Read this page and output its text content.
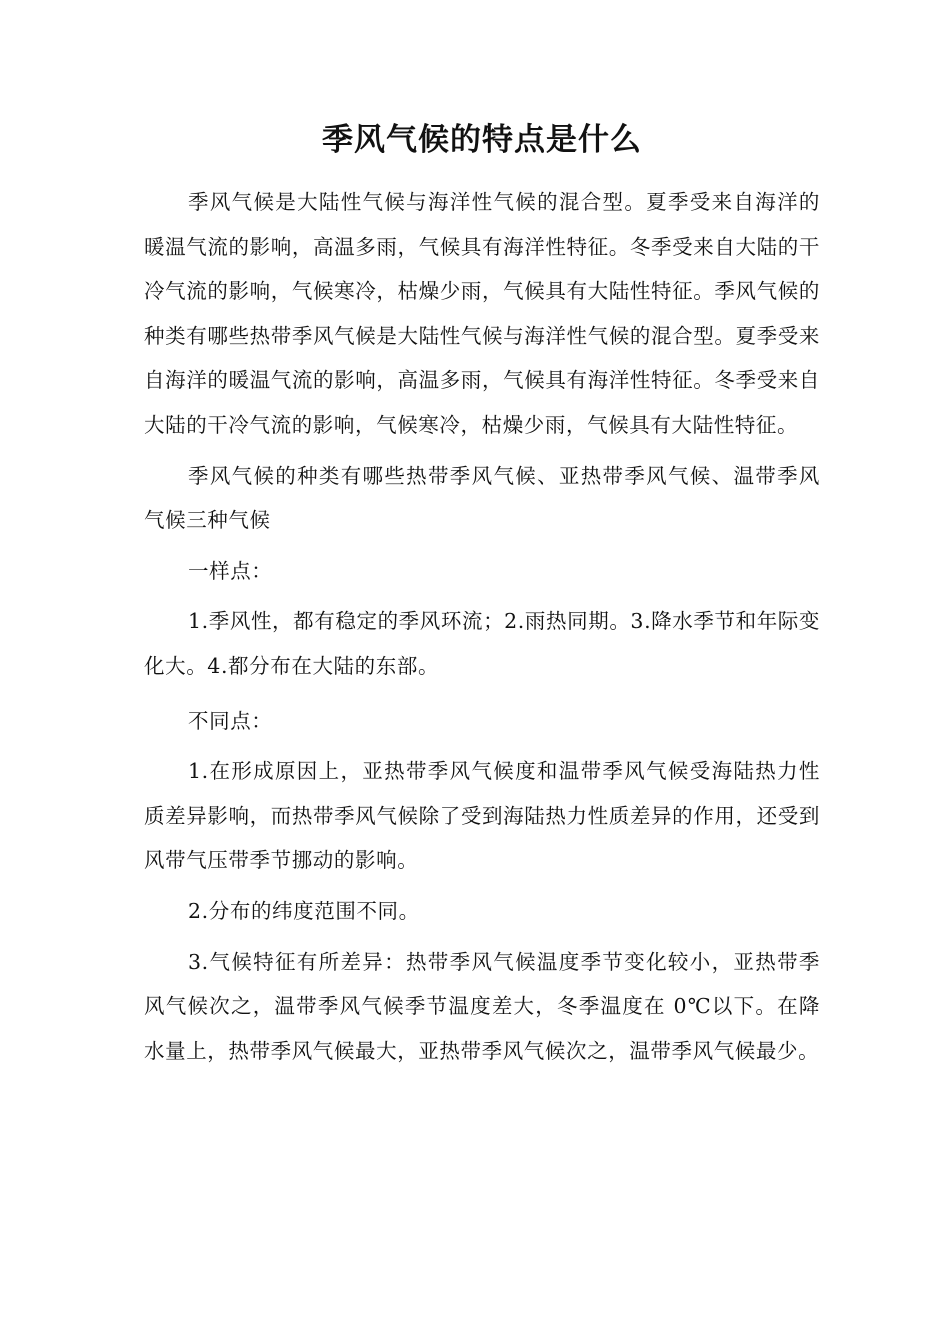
季风气候的特点是什么

季风气候是大陆性气候与海洋性气候的混合型。夏季受来自海洋的暖温气流的影响，高温多雨，气候具有海洋性特征。冬季受来自大陆的干冷气流的影响，气候寒冷，枯燥少雨，气候具有大陆性特征。季风气候的种类有哪些热带季风气候是大陆性气候与海洋性气候的混合型。夏季受来自海洋的暖温气流的影响，高温多雨，气候具有海洋性特征。冬季受来自大陆的干冷气流的影响，气候寒冷，枯燥少雨，气候具有大陆性特征。

季风气候的种类有哪些热带季风气候、亚热带季风气候、温带季风气候三种气候

一样点：

1.季风性，都有稳定的季风环流；2.雨热同期。3.降水季节和年际变化大。4.都分布在大陆的东部。

不同点：

1.在形成原因上，亚热带季风气候度和温带季风气候受海陆热力性质差异影响，而热带季风气候除了受到海陆热力性质差异的作用，还受到风带气压带季节挪动的影响。

2.分布的纬度范围不同。

3.气候特征有所差异：热带季风气候温度季节变化较小，亚热带季风气候次之，温带季风气候季节温度差大，冬季温度在 0℃以下。在降水量上，热带季风气候最大，亚热带季风气候次之，温带季风气候最少。
